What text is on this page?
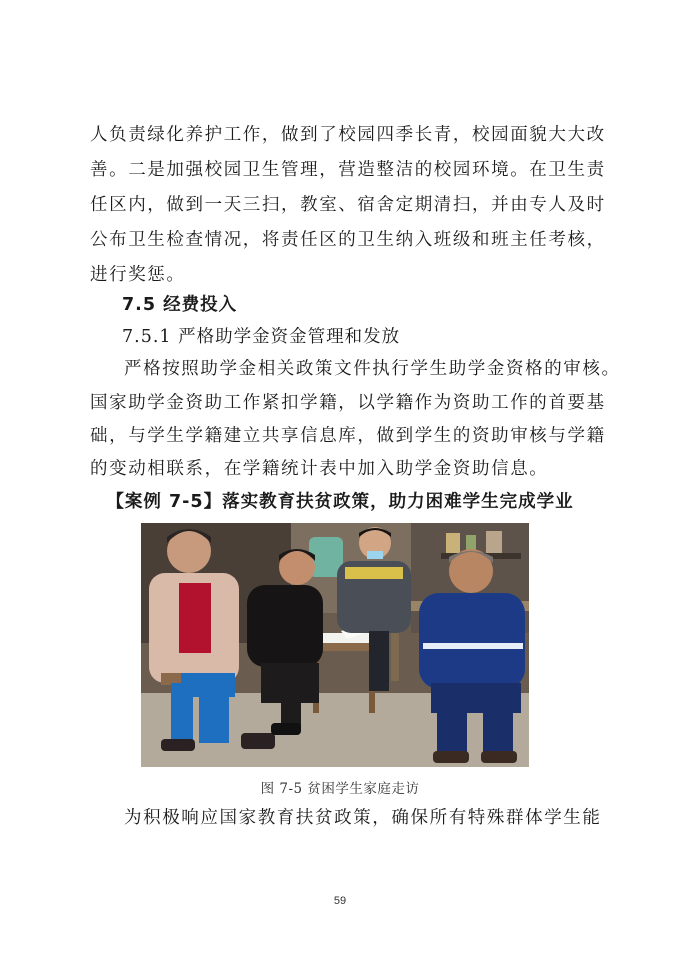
人负责绿化养护工作，做到了校园四季长青，校园面貌大大改
善。二是加强校园卫生管理，营造整洁的校园环境。在卫生责
任区内，做到一天三扫，教室、宿舍定期清扫，并由专人及时
公布卫生检查情况，将责任区的卫生纳入班级和班主任考核，
进行奖惩。
7.5 经费投入
7.5.1 严格助学金资金管理和发放
严格按照助学金相关政策文件执行学生助学金资格的审核。
国家助学金资助工作紧扣学籍，以学籍作为资助工作的首要基
础，与学生学籍建立共享信息库，做到学生的资助审核与学籍
的变动相联系，在学籍统计表中加入助学金资助信息。
【案例 7-5】落实教育扶贫政策，助力困难学生完成学业
图 7-5 贫困学生家庭走访
为积极响应国家教育扶贫政策，确保所有特殊群体学生能
59
